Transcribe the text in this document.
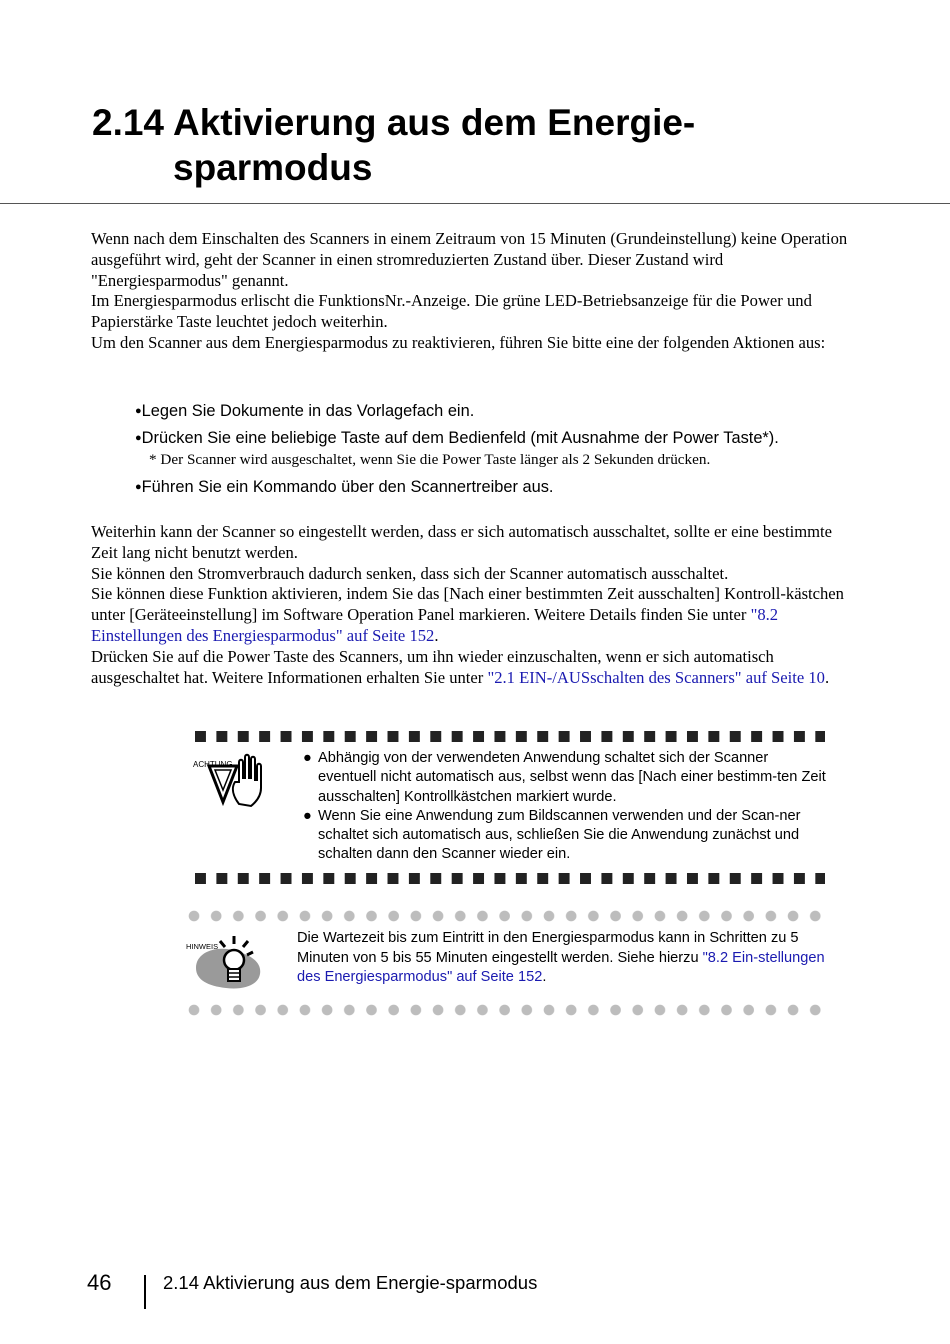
2.14 Aktivierung aus dem Energie-
sparmodus
Wenn nach dem Einschalten des Scanners in einem Zeitraum von 15 Minuten (Grundeinstellung) keine Operation ausgeführt wird, geht der Scanner in einen stromreduzierten Zustand über. Dieser Zustand wird "Energiesparmodus" genannt.
Im Energiesparmodus erlischt die FunktionsNr.-Anzeige. Die grüne LED-Betriebsanzeige für die Power und Papierstärke Taste leuchtet jedoch weiterhin.
Um den Scanner aus dem Energiesparmodus zu reaktivieren, führen Sie bitte eine der folgenden Aktionen aus:
●Legen Sie Dokumente in das Vorlagefach ein.
●Drücken Sie eine beliebige Taste auf dem Bedienfeld (mit Ausnahme der Power Taste*).
* Der Scanner wird ausgeschaltet, wenn Sie die Power Taste länger als 2 Sekunden drücken.
●Führen Sie ein Kommando über den Scannertreiber aus.
Weiterhin kann der Scanner so eingestellt werden, dass er sich automatisch ausschaltet, sollte er eine bestimmte Zeit lang nicht benutzt werden.
Sie können den Stromverbrauch dadurch senken, dass sich der Scanner automatisch ausschaltet.
Sie können diese Funktion aktivieren, indem Sie das [Nach einer bestimmten Zeit ausschalten] Kontroll-kästchen unter [Geräteeinstellung] im Software Operation Panel markieren. Weitere Details finden Sie unter "8.2 Einstellungen des Energiesparmodus" auf Seite 152.
Drücken Sie auf die Power Taste des Scanners, um ihn wieder einzuschalten, wenn er sich automatisch ausgeschaltet hat. Weitere Informationen erhalten Sie unter "2.1 EIN-/AUSschalten des Scanners" auf Seite 10.
ACHTUNG	● Abhängig von der verwendeten Anwendung schaltet sich der Scanner eventuell nicht automatisch aus, selbst wenn das [Nach einer bestimm-ten Zeit ausschalten] Kontrollkästchen markiert wurde.
● Wenn Sie eine Anwendung zum Bildscannen verwenden und der Scan-ner schaltet sich automatisch aus, schließen Sie die Anwendung zunächst und schalten dann den Scanner wieder ein.
HINWEIS
Die Wartezeit bis zum Eintritt in den Energiesparmodus kann in Schritten zu 5 Minuten von 5 bis 55 Minuten eingestellt werden. Siehe hierzu "8.2 Ein-stellungen des Energiesparmodus" auf Seite 152.
46	2.14 Aktivierung aus dem Energie-sparmodus
